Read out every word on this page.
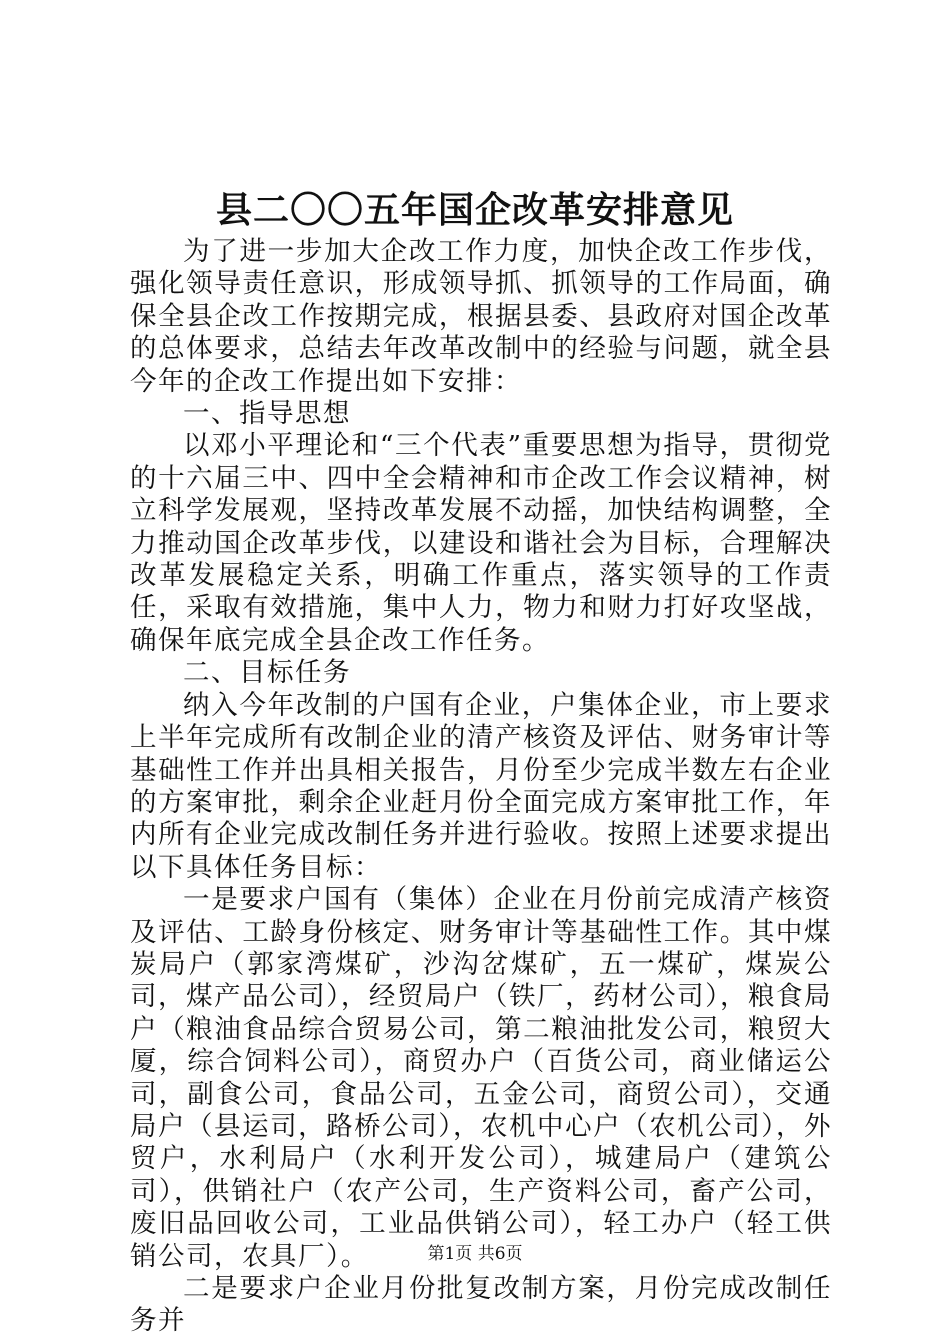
县二〇〇五年国企改革安排意见

为了进一步加大企改工作力度，加快企改工作步伐，强化领导责任意识，形成领导抓、抓领导的工作局面，确保全县企改工作按期完成，根据县委、县政府对国企改革的总体要求，总结去年改革改制中的经验与问题，就全县今年的企改工作提出如下安排：

一、指导思想

以邓小平理论和“三个代表”重要思想为指导，贯彻党的十六届三中、四中全会精神和市企改工作会议精神，树立科学发展观，坚持改革发展不动摇，加快结构调整，全力推动国企改革步伐，以建设和谐社会为目标，合理解决改革发展稳定关系，明确工作重点，落实领导的工作责任，采取有效措施，集中人力，物力和财力打好攻坚战，确保年底完成全县企改工作任务。

二、目标任务

纳入今年改制的户国有企业，户集体企业，市上要求上半年完成所有改制企业的清产核资及评估、财务审计等基础性工作并出具相关报告，月份至少完成半数左右企业的方案审批，剩余企业赶月份全面完成方案审批工作，年内所有企业完成改制任务并进行验收。按照上述要求提出以下具体任务目标：

一是要求户国有（集体）企业在月份前完成清产核资及评估、工龄身份核定、财务审计等基础性工作。其中煤炭局户（郭家湾煤矿，沙沟岔煤矿，五一煤矿，煤炭公司，煤产品公司），经贸局户（铁厂，药材公司），粮食局户（粮油食品综合贸易公司，第二粮油批发公司，粮贸大厦，综合饲料公司），商贸办户（百货公司，商业储运公司，副食公司，食品公司，五金公司，商贸公司），交通局户（县运司，路桥公司），农机中心户（农机公司），外贸户，水利局户（水利开发公司），城建局户（建筑公司），供销社户（农产公司，生产资料公司，畜产公司，废旧品回收公司，工业品供销公司），轻工办户（轻工供销公司，农具厂）。

二是要求户企业月份批复改制方案，月份完成改制任务并

第1页 共6页
